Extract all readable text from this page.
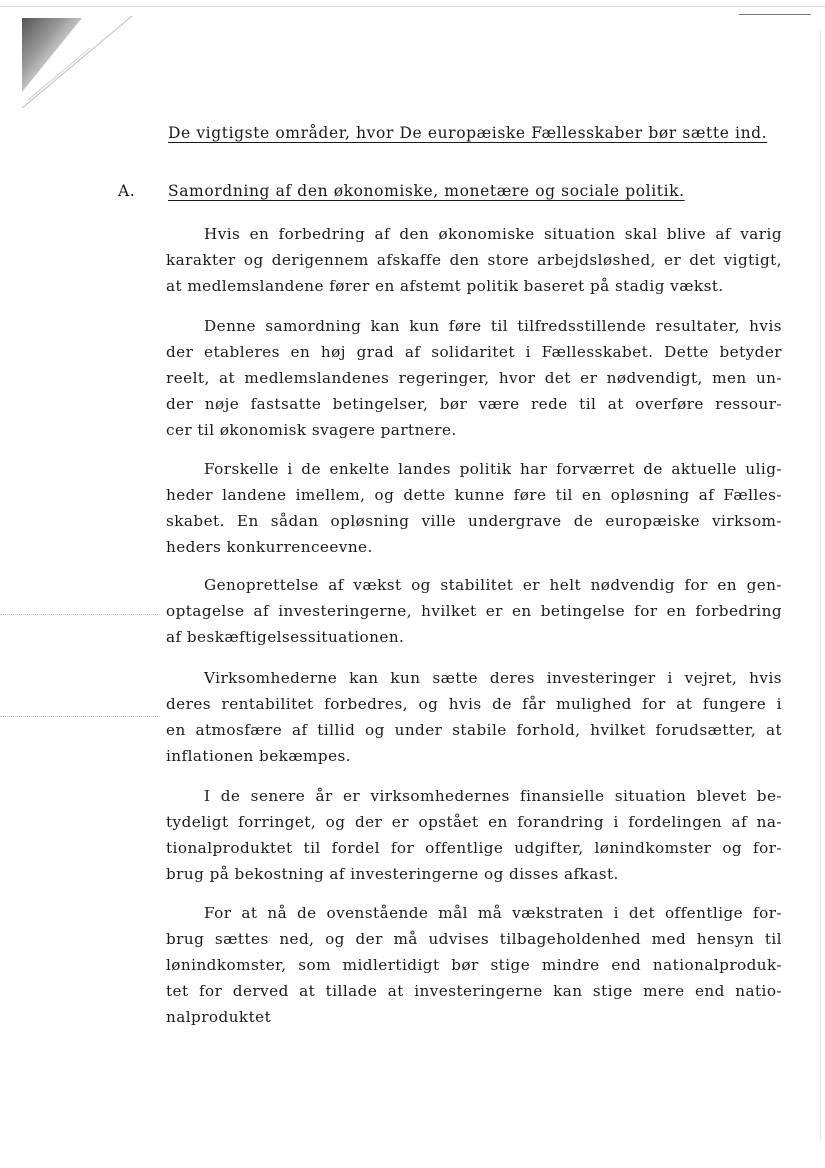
De vigtigste områder, hvor De europæiske Fællesskaber bør sætte ind.
A. Samordning af den økonomiske, monetære og sociale politik.
Hvis en forbedring af den økonomiske situation skal blive af varig
karakter og derigennem afskaffe den store arbejdsløshed, er det vigtigt,
at medlemslandene fører en afstemt politik baseret på stadig vækst.
Denne samordning kan kun føre til tilfredsstillende resultater, hvis
der etableres en høj grad af solidaritet i Fællesskabet. Dette betyder
reelt, at medlemslandenes regeringer, hvor det er nødvendigt, men un-
der nøje fastsatte betingelser, bør være rede til at overføre ressour-
cer til økonomisk svagere partnere.
Forskelle i de enkelte landes politik har forværret de aktuelle ulig-
heder landene imellem, og dette kunne føre til en opløsning af Fælles-
skabet. En sådan opløsning ville undergrave de europæiske virksom-
heders konkurrenceevne.
Genoprettelse af vækst og stabilitet er helt nødvendig for en gen-
optagelse af investeringerne, hvilket er en betingelse for en forbedring
af beskæftigelsessituationen.
Virksomhederne kan kun sætte deres investeringer i vejret, hvis
deres rentabilitet forbedres, og hvis de får mulighed for at fungere i
en atmosfære af tillid og under stabile forhold, hvilket forudsætter, at
inflationen bekæmpes.
I de senere år er virksomhedernes finansielle situation blevet be-
tydeligt forringet, og der er opstået en forandring i fordelingen af na-
tionalproduktet til fordel for offentlige udgifter, lønindkomster og for-
brug på bekostning af investeringerne og disses afkast.
For at nå de ovenstående mål må vækstraten i det offentlige for-
brug sættes ned, og der må udvises tilbageholdenhed med hensyn til
lønindkomster, som midlertidigt bør stige mindre end nationalproduk-
tet for derved at tillade at investeringerne kan stige mere end natio-
nalproduktet
